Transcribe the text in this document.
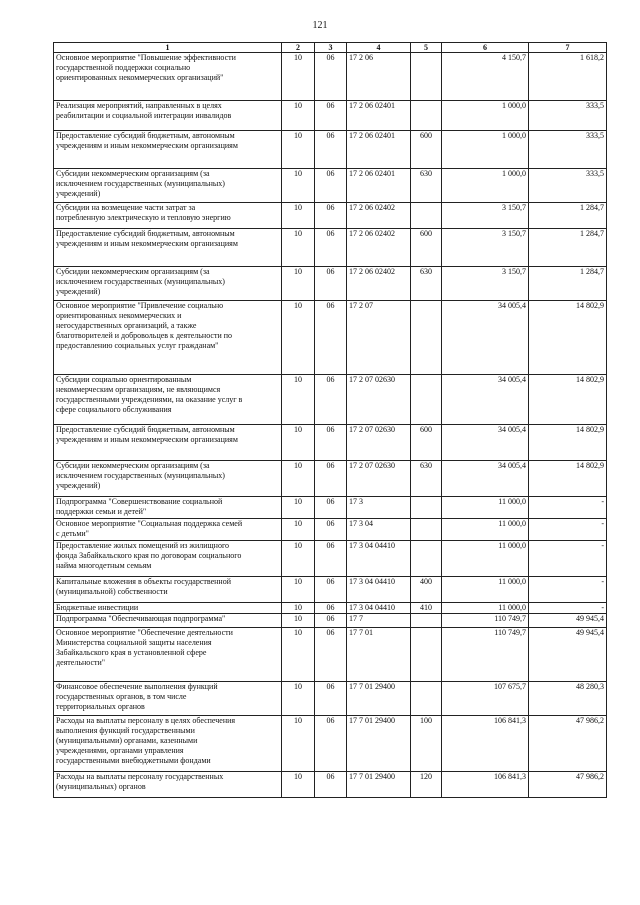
121
1	2	3	4	5	6	7
Основное мероприятие "Повышение эффективности
государственной поддержки социально
ориентированных некоммерческих организаций"	10	06	17 2 06		4 150,7	1 618,2
Реализация мероприятий, направленных в целях
реабилитации и социальной интеграции инвалидов	10	06	17 2 06 02401		1 000,0	333,5
Предоставление субсидий бюджетным, автономным
учреждениям и иным некоммерческим организациям	10	06	17 2 06 02401	600	1 000,0	333,5
Субсидии некоммерческим организациям (за
исключением государственных (муниципальных)
учреждений)	10	06	17 2 06 02401	630	1 000,0	333,5
Субсидии на возмещение части затрат за
потребленную электрическую и тепловую энергию	10	06	17 2 06 02402		3 150,7	1 284,7
Предоставление субсидий бюджетным, автономным
учреждениям и иным некоммерческим организациям	10	06	17 2 06 02402	600	3 150,7	1 284,7
Субсидии некоммерческим организациям (за
исключением государственных (муниципальных)
учреждений)	10	06	17 2 06 02402	630	3 150,7	1 284,7
Основное мероприятие "Привлечение социально
ориентированных некоммерческих и
негосударственных организаций, а также
благотворителей и добровольцев к деятельности по
предоставлению социальных услуг гражданам"	10	06	17 2 07		34 005,4	14 802,9
Субсидии социально ориентированным
некоммерческим организациям, не являющимся
государственными учреждениями, на оказание услуг в
сфере социального обслуживания	10	06	17 2 07 02630		34 005,4	14 802,9
Предоставление субсидий бюджетным, автономным
учреждениям и иным некоммерческим организациям	10	06	17 2 07 02630	600	34 005,4	14 802,9
Субсидии некоммерческим организациям (за
исключением государственных (муниципальных)
учреждений)	10	06	17 2 07 02630	630	34 005,4	14 802,9
Подпрограмма "Совершенствование социальной
поддержки семьи и детей"	10	06	17 3		11 000,0	-
Основное мероприятие "Социальная поддержка семей
с детьми"	10	06	17 3 04		11 000,0	-
Предоставление жилых помещений из жилищного
фонда Забайкальского края по договорам социального
найма многодетным семьям	10	06	17 3 04 04410		11 000,0	-
Капитальные вложения в объекты государственной
(муниципальной) собственности	10	06	17 3 04 04410	400	11 000,0	-
Бюджетные инвестиции	10	06	17 3 04 04410	410	11 000,0	-
Подпрограмма "Обеспечивающая подпрограмма"	10	06	17 7		110 749,7	49 945,4
Основное мероприятие "Обеспечение деятельности
Министерства социальной защиты населения
Забайкальского края в установленной сфере
деятельности"	10	06	17 7 01		110 749,7	49 945,4
Финансовое обеспечение выполнения функций
государственных органов, в том числе
территориальных органов	10	06	17 7 01 29400		107 675,7	48 280,3
Расходы на выплаты персоналу в целях обеспечения
выполнения функций государственными
(муниципальными) органами, казенными
учреждениями, органами управления
государственными внебюджетными фондами	10	06	17 7 01 29400	100	106 841,3	47 986,2
Расходы на выплаты персоналу государственных
(муниципальных) органов	10	06	17 7 01 29400	120	106 841,3	47 986,2
